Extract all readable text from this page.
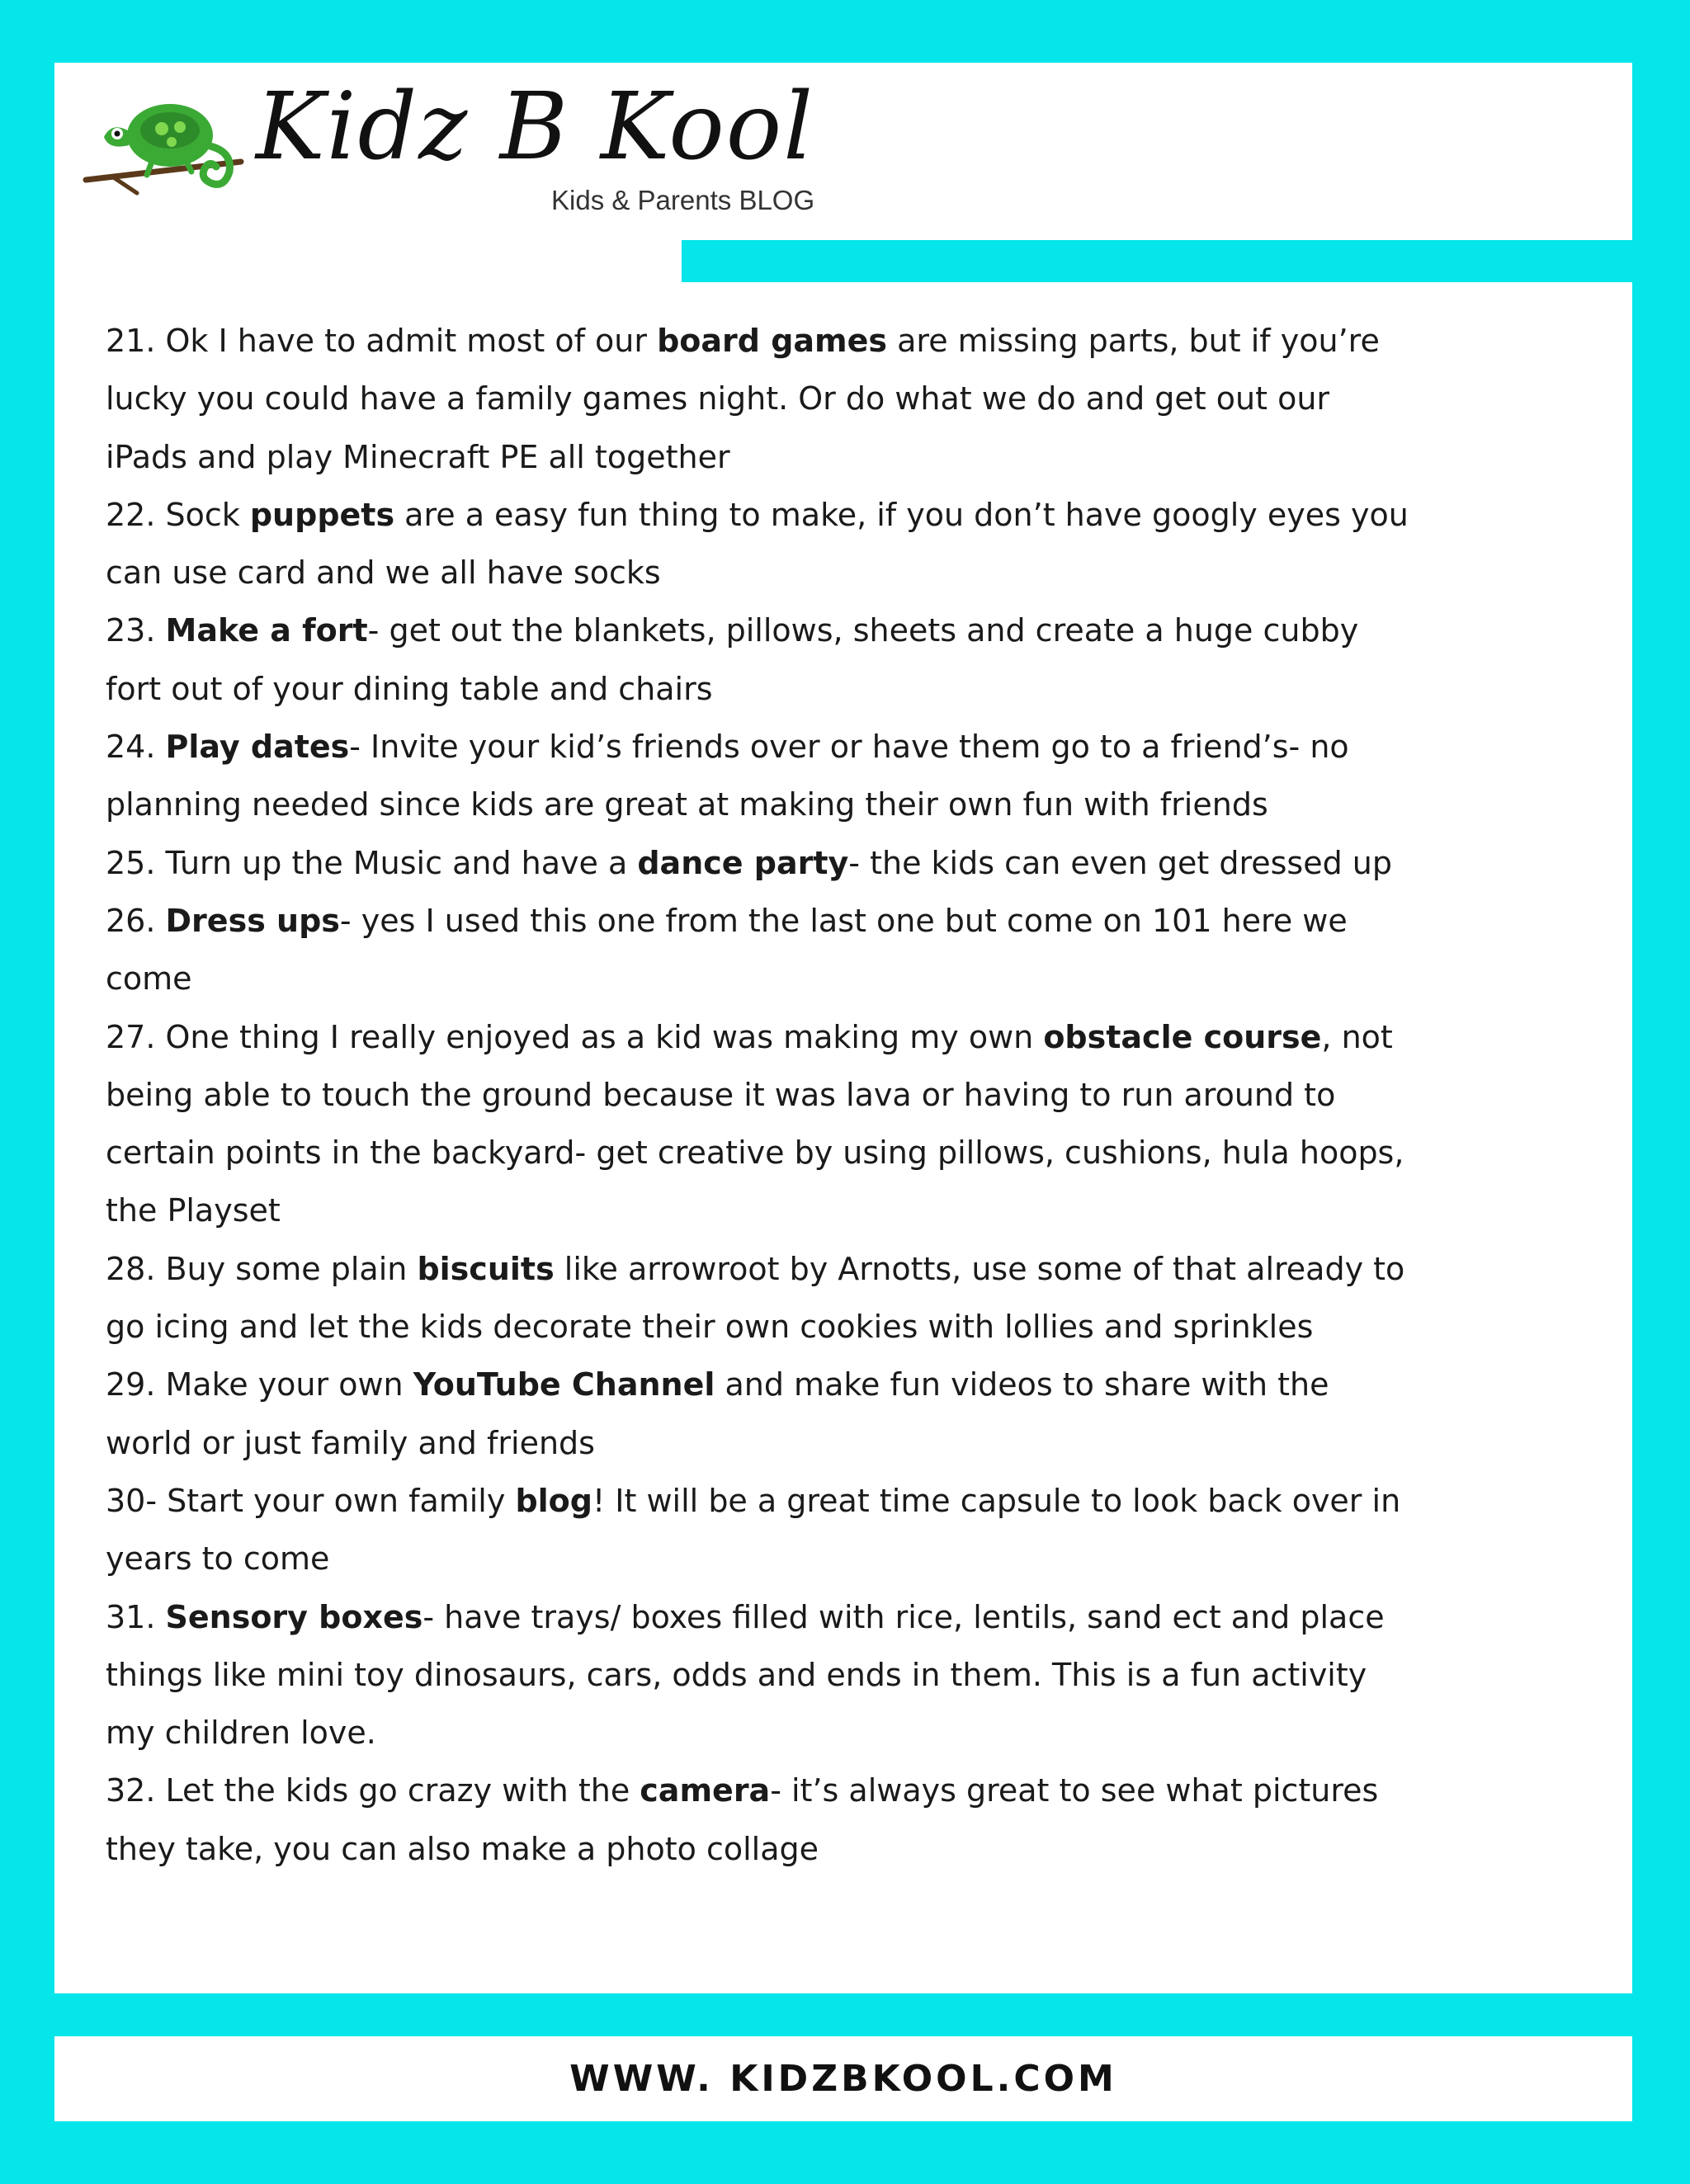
Kidz B Kool
Kids & Parents BLOG
21. Ok I have to admit most of our board games are missing parts, but if you’re lucky you could have a family games night. Or do what we do and get out our iPads and play Minecraft PE all together
22. Sock puppets are a easy fun thing to make, if you don’t have googly eyes you can use card and we all have socks
23. Make a fort- get out the blankets, pillows, sheets and create a huge cubby fort out of your dining table and chairs
24. Play dates- Invite your kid’s friends over or have them go to a friend’s- no planning needed since kids are great at making their own fun with friends
25. Turn up the Music and have a dance party- the kids can even get dressed up
26. Dress ups- yes I used this one from the last one but come on 101 here we come
27. One thing I really enjoyed as a kid was making my own obstacle course, not being able to touch the ground because it was lava or having to run around to certain points in the backyard- get creative by using pillows, cushions, hula hoops, the Playset
28. Buy some plain biscuits like arrowroot by Arnotts, use some of that already to go icing and let the kids decorate their own cookies with lollies and sprinkles
29. Make your own YouTube Channel and make fun videos to share with the world or just family and friends
30- Start your own family blog! It will be a great time capsule to look back over in years to come
31. Sensory boxes- have trays/ boxes filled with rice, lentils, sand ect and place things like mini toy dinosaurs, cars, odds and ends in them. This is a fun activity my children love.
32. Let the kids go crazy with the camera- it’s always great to see what pictures they take, you can also make a photo collage
WWW. KIDZBKOOL.COM
